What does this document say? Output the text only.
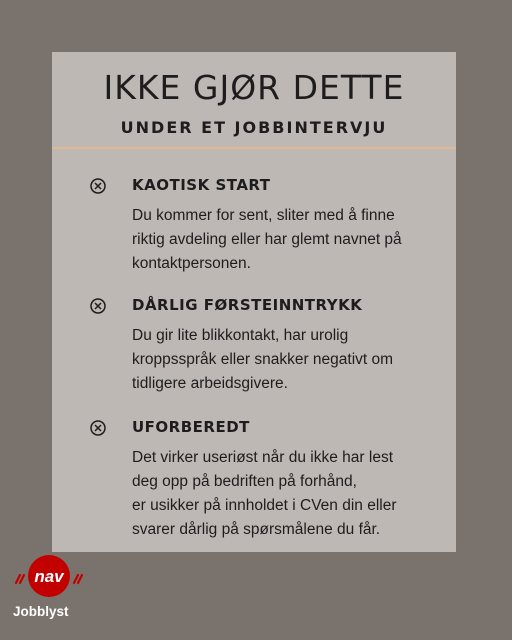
IKKE GJØR DETTE
UNDER ET JOBBINTERVJU
KAOTISK START
Du kommer for sent, sliter med å finne
riktig avdeling eller har glemt navnet på
kontaktpersonen.
DÅRLIG FØRSTEINNTRYKK
Du gir lite blikkontakt, har urolig
kroppsspråk eller snakker negativt om
tidligere arbeidsgivere.
UFORBEREDT
Det virker useriøst når du ikke har lest
deg opp på bedriften på forhånd,
er usikker på innholdet i CVen din eller
svarer dårlig på spørsmålene du får.
nav
Jobblyst
